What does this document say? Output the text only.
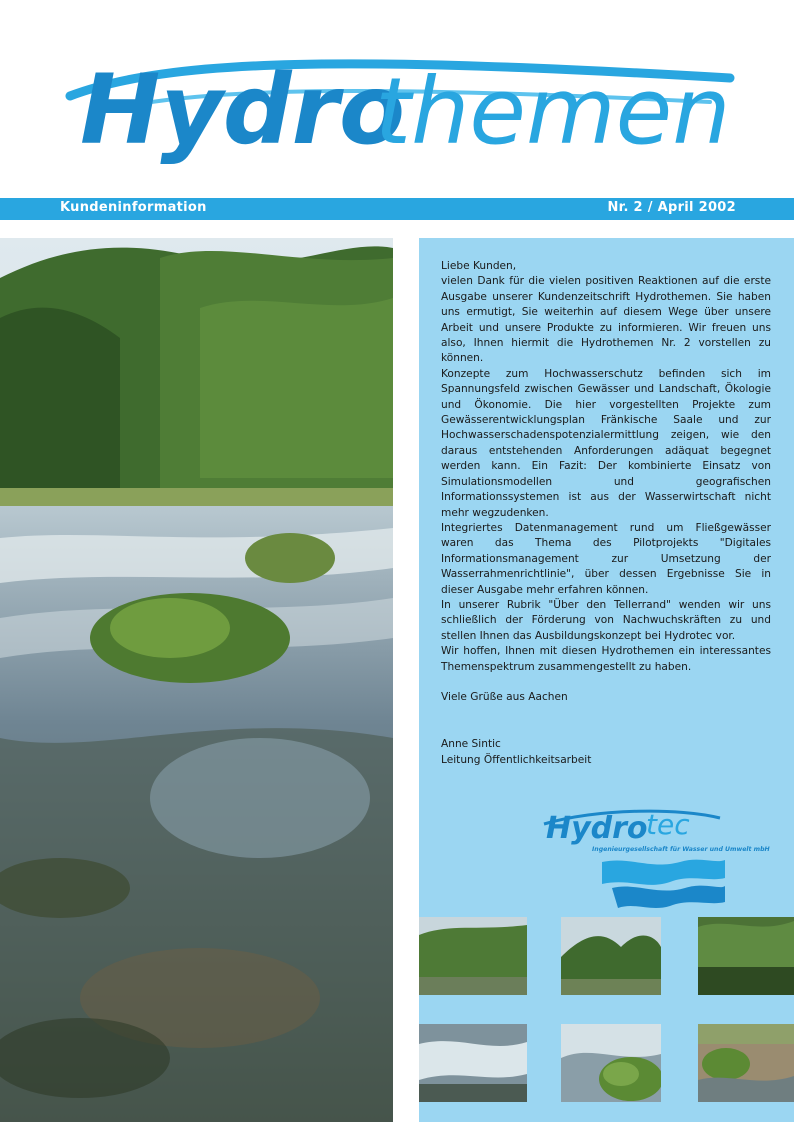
Hydro
themen
Kundeninformation	Nr. 2 / April 2002

Liebe Kunden,

vielen Dank für die vielen positiven Reaktionen auf die erste Ausgabe unserer Kundenzeitschrift Hydrothemen. Sie haben uns ermutigt, Sie weiterhin auf diesem Wege über unsere Arbeit und unsere Produkte zu informieren. Wir freuen uns also, Ihnen hiermit die Hydrothemen Nr. 2 vorstellen zu können.

Konzepte zum Hochwasserschutz befinden sich im Spannungsfeld zwischen Gewässer und Landschaft, Ökologie und Ökonomie. Die hier vorgestellten Projekte zum Gewässerentwicklungsplan Fränkische Saale und zur Hochwasserschadenspotenzialermittlung zeigen, wie den daraus entstehenden Anforderungen adäquat begegnet werden kann. Ein Fazit: Der kombinierte Einsatz von Simulationsmodellen und geografischen Informationssystemen ist aus der Wasserwirtschaft nicht mehr wegzudenken.

Integriertes Datenmanagement rund um Fließgewässer waren das Thema des Pilotprojekts "Digitales Informationsmanagement zur Umsetzung der Wasserrahmenrichtlinie", über dessen Ergebnisse Sie in dieser Ausgabe mehr erfahren können.

In unserer Rubrik "Über den Tellerrand" wenden wir uns schließlich der Förderung von Nachwuchskräften zu und stellen Ihnen das Ausbildungskonzept bei Hydrotec vor.

Wir hoffen, Ihnen mit diesen Hydrothemen ein interessantes Themenspektrum zusammengestellt zu haben.

Viele Grüße aus Aachen

Anne Sintic

Leitung Öffentlichkeitsarbeit

Hydro
tec
Ingenieurgesellschaft für Wasser und Umwelt mbH
